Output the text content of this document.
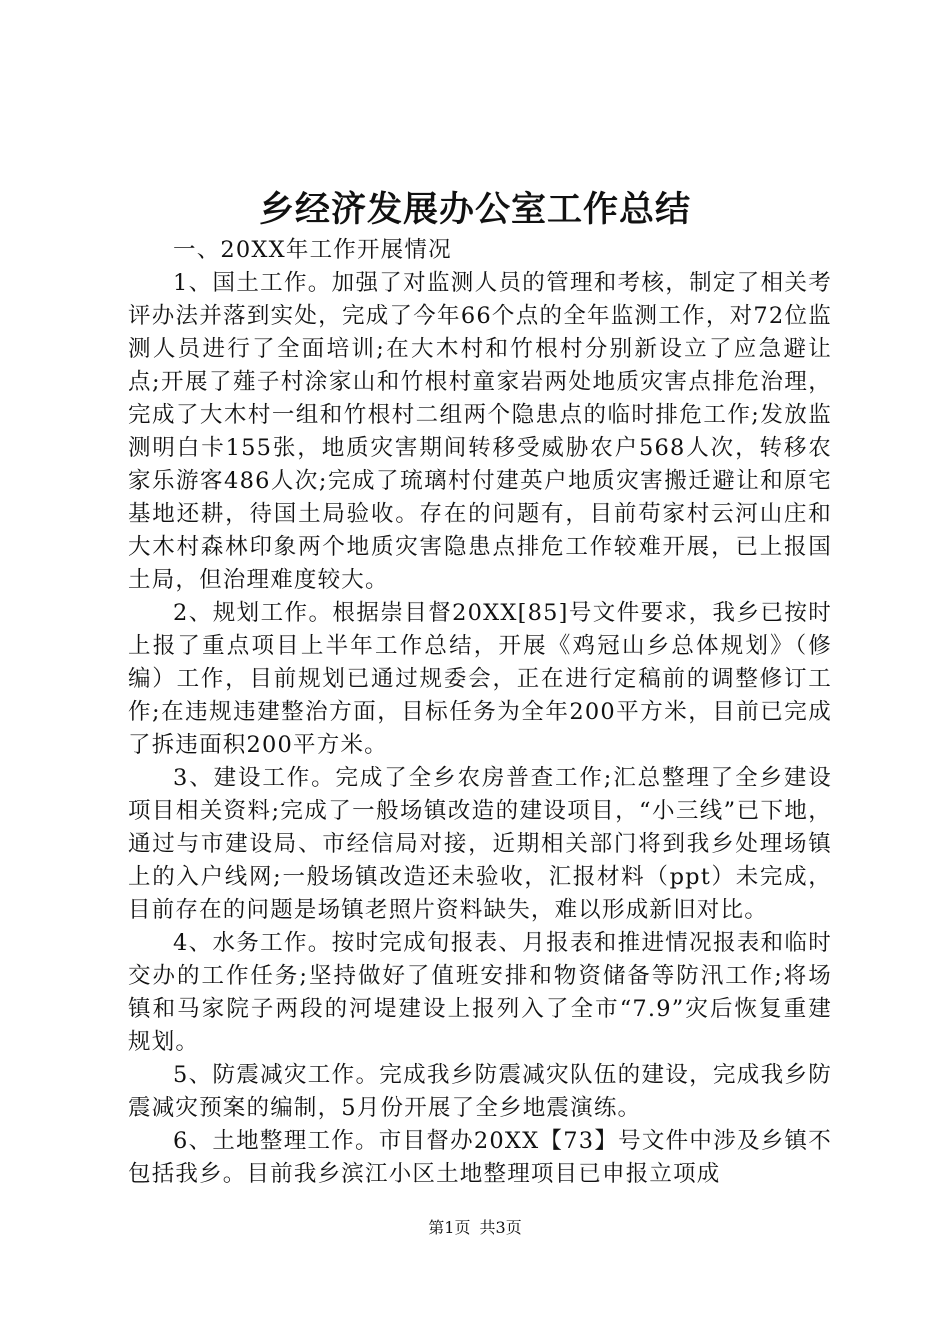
乡经济发展办公室工作总结

一、20XX年工作开展情况

1、国土工作。加强了对监测人员的管理和考核，制定了相关考评办法并落到实处，完成了今年66个点的全年监测工作，对72位监测人员进行了全面培训;在大木村和竹根村分别新设立了应急避让点;开展了薤子村涂家山和竹根村童家岩两处地质灾害点排危治理，完成了大木村一组和竹根村二组两个隐患点的临时排危工作;发放监测明白卡155张，地质灾害期间转移受威胁农户568人次，转移农家乐游客486人次;完成了琉璃村付建英户地质灾害搬迁避让和原宅基地还耕，待国土局验收。存在的问题有，目前苟家村云河山庄和大木村森林印象两个地质灾害隐患点排危工作较难开展，已上报国土局，但治理难度较大。

2、规划工作。根据崇目督20XX[85]号文件要求，我乡已按时上报了重点项目上半年工作总结，开展《鸡冠山乡总体规划》（修编）工作，目前规划已通过规委会，正在进行定稿前的调整修订工作;在违规违建整治方面，目标任务为全年200平方米，目前已完成了拆违面积200平方米。

3、建设工作。完成了全乡农房普查工作;汇总整理了全乡建设项目相关资料;完成了一般场镇改造的建设项目，“小三线”已下地，通过与市建设局、市经信局对接，近期相关部门将到我乡处理场镇上的入户线网;一般场镇改造还未验收，汇报材料（ppt）未完成，目前存在的问题是场镇老照片资料缺失，难以形成新旧对比。

4、水务工作。按时完成旬报表、月报表和推进情况报表和临时交办的工作任务;坚持做好了值班安排和物资储备等防汛工作;将场镇和马家院子两段的河堤建设上报列入了全市“7.9”灾后恢复重建规划。

5、防震减灾工作。完成我乡防震减灾队伍的建设，完成我乡防震减灾预案的编制，5月份开展了全乡地震演练。

6、土地整理工作。市目督办20XX【73】号文件中涉及乡镇不包括我乡。目前我乡滨江小区土地整理项目已申报立项成

第1页 共3页
